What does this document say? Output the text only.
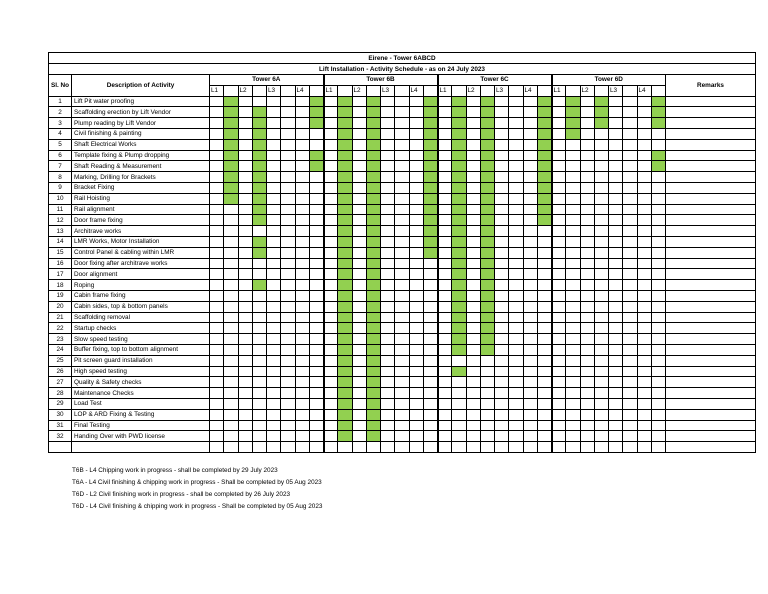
Eirene - Tower 6ABCD																																		
Lift Installation - Activity Schedule - as on 24 July 2023																																		
Sl. No	Description of Activity	Tower 6A								Tower 6B								Tower 6C								Tower 6D								Remarks
		L1		L2		L3		L4		L1		L2		L3		L4		L1		L2		L3		L4		L1		L2		L3		L4		
1	Lift Pit water proofing																																	
2	Scaffolding erection by Lift Vendor																																	
3	Plump reading by Lift Vendor																																	
4	Civil finishing & painting																																	
5	Shaft Electrical Works																																	
6	Template fixing & Plump dropping																																	
7	Shaft Reading & Measurement																																	
8	Marking, Drilling for Brackets																																	
9	Bracket Fixing																																	
10	Rail Hoisting																																	
11	Rail alignment																																	
12	Door frame fixing																																	
13	Architrave works																																	
14	LMR Works, Motor Installation																																	
15	Control Panel & cabling within LMR																																	
16	Door fixing after architrave works																																	
17	Door alignment																																	
18	Roping																																	
19	Cabin frame fixing																																	
20	Cabin sides, top & bottom panels																																	
21	Scaffolding removal																																	
22	Startup checks																																	
23	Slow speed testing																																	
24	Buffer fixing, top to bottom alignment																																	
25	Pit screen guard installation																																	
26	High speed testing																																	
27	Quality & Safety checks																																	
28	Maintenance Checks																																	
29	Load Test																																	
30	LOP & ARD Fixing & Testing																																	
31	Final Testing																																	
32	Handing Over with PWD license																																	

T6B - L4 Chipping work in progress - shall be completed by 29 July 2023
T6A - L4 Civil finishing & chipping work in progress - Shall be completed by 05 Aug 2023
T6D - L2 Civil finishing work in progress - shall be completed by 26 July 2023
T6D - L4 Civil finishing & chipping work in progress - Shall be completed by 05 Aug 2023
